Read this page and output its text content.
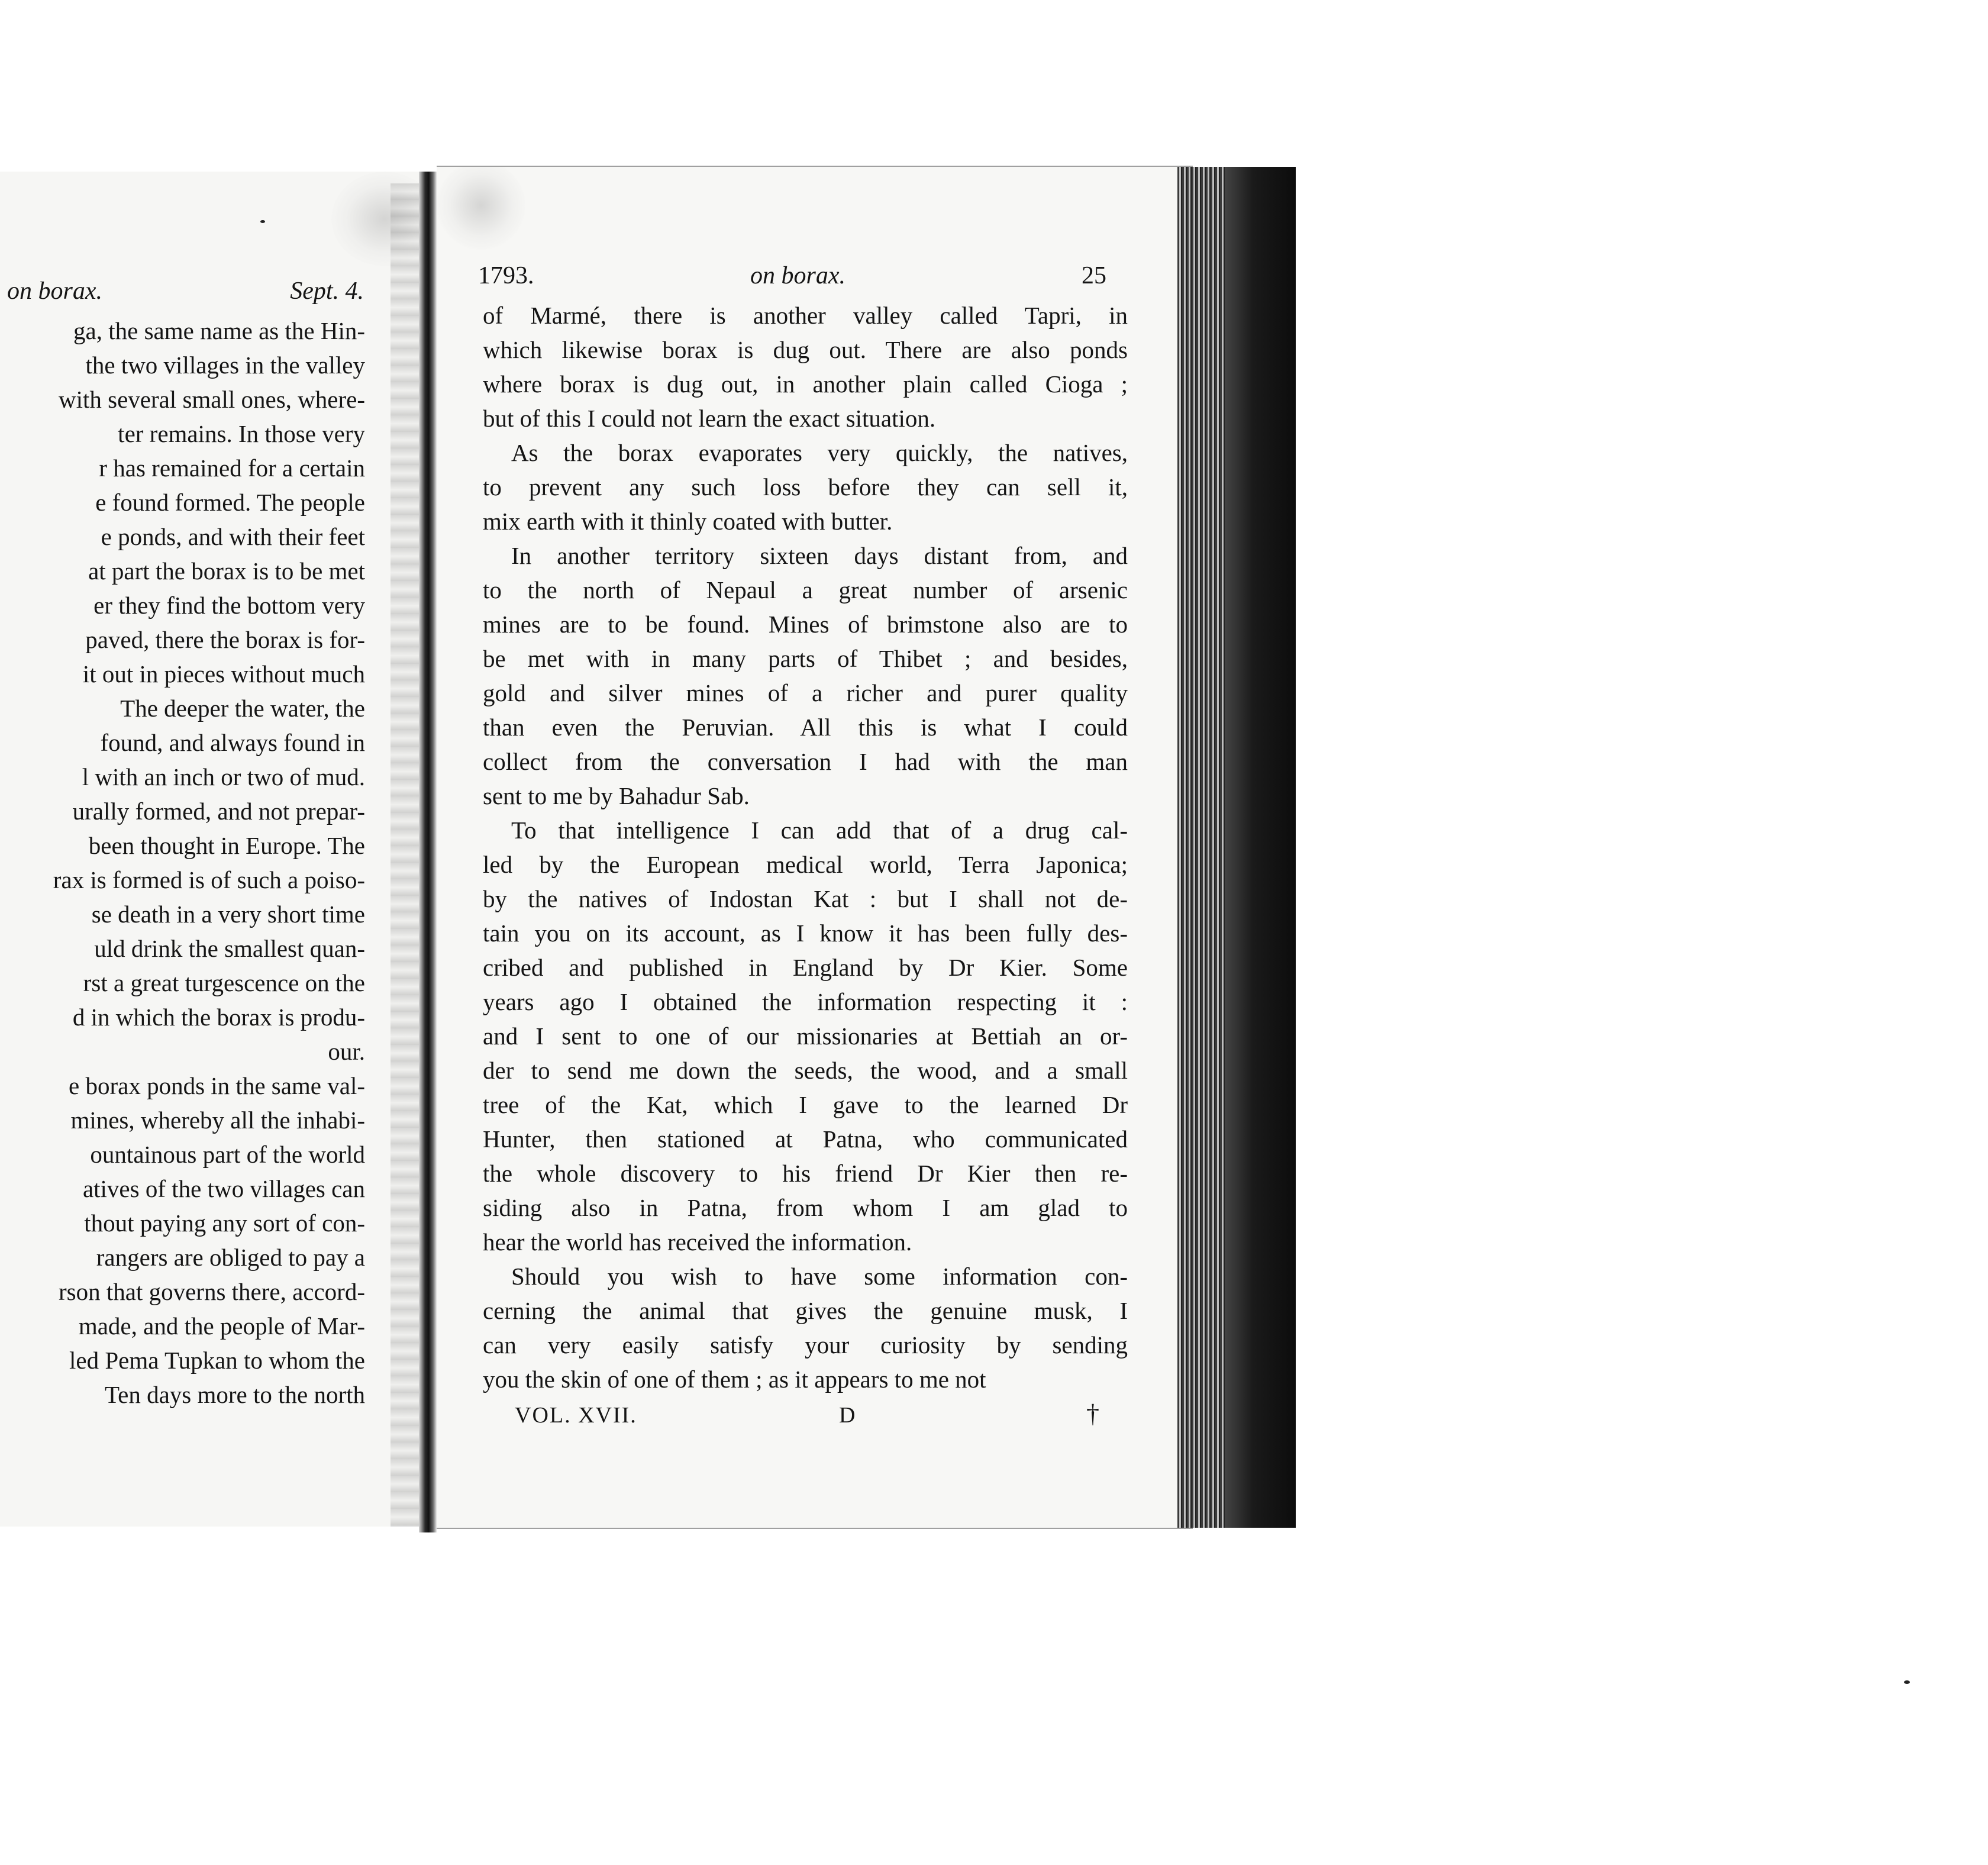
on borax.	Sept. 4.
ga, the same name as the Hin-
the two villages in the valley
with several small ones, where-
ter remains. In those very
r has remained for a certain
e found formed. The people
e ponds, and with their feet
at part the borax is to be met
er they find the bottom very
paved, there the borax is for-
it out in pieces without much
The deeper the water, the
found, and always found in
l with an inch or two of mud.
urally formed, and not prepar-
been thought in Europe. The
rax is formed is of such a poiso-
se death in a very short time
uld drink the smallest quan-
rst a great turgescence on the
d in which the borax is produ-
our.
e borax ponds in the same val-
mines, whereby all the inhabi-
ountainous part of the world
atives of the two villages can
thout paying any sort of con-
rangers are obliged to pay a
rson that governs there, accord-
made, and the people of Mar-
led Pema Tupkan to whom the
Ten days more to the north
1793.	on borax.	25
of Marmé, there is another valley called Tapri, in
which likewise borax is dug out. There are also ponds
where borax is dug out, in another plain called Cioga ;
but of this I could not learn the exact situation.
As the borax evaporates very quickly, the natives,
to prevent any such loss before they can sell it,
mix earth with it thinly coated with butter.
In another territory sixteen days distant from, and
to the north of Nepaul a great number of arsenic
mines are to be found. Mines of brimstone also are to
be met with in many parts of Thibet ; and besides,
gold and silver mines of a richer and purer quality
than even the Peruvian. All this is what I could
collect from the conversation I had with the man
sent to me by Bahadur Sab.
To that intelligence I can add that of a drug cal-
led by the European medical world, Terra Japonica;
by the natives of Indostan Kat : but I shall not de-
tain you on its account, as I know it has been fully des-
cribed and published in England by Dr Kier. Some
years ago I obtained the information respecting it :
and I sent to one of our missionaries at Bettiah an or-
der to send me down the seeds, the wood, and a small
tree of the Kat, which I gave to the learned Dr
Hunter, then stationed at Patna, who communicated
the whole discovery to his friend Dr Kier then re-
siding also in Patna, from whom I am glad to
hear the world has received the information.
Should you wish to have some information con-
cerning the animal that gives the genuine musk, I
can very easily satisfy your curiosity by sending
you the skin of one of them ; as it appears to me not
VOL. XVII.	D	†
